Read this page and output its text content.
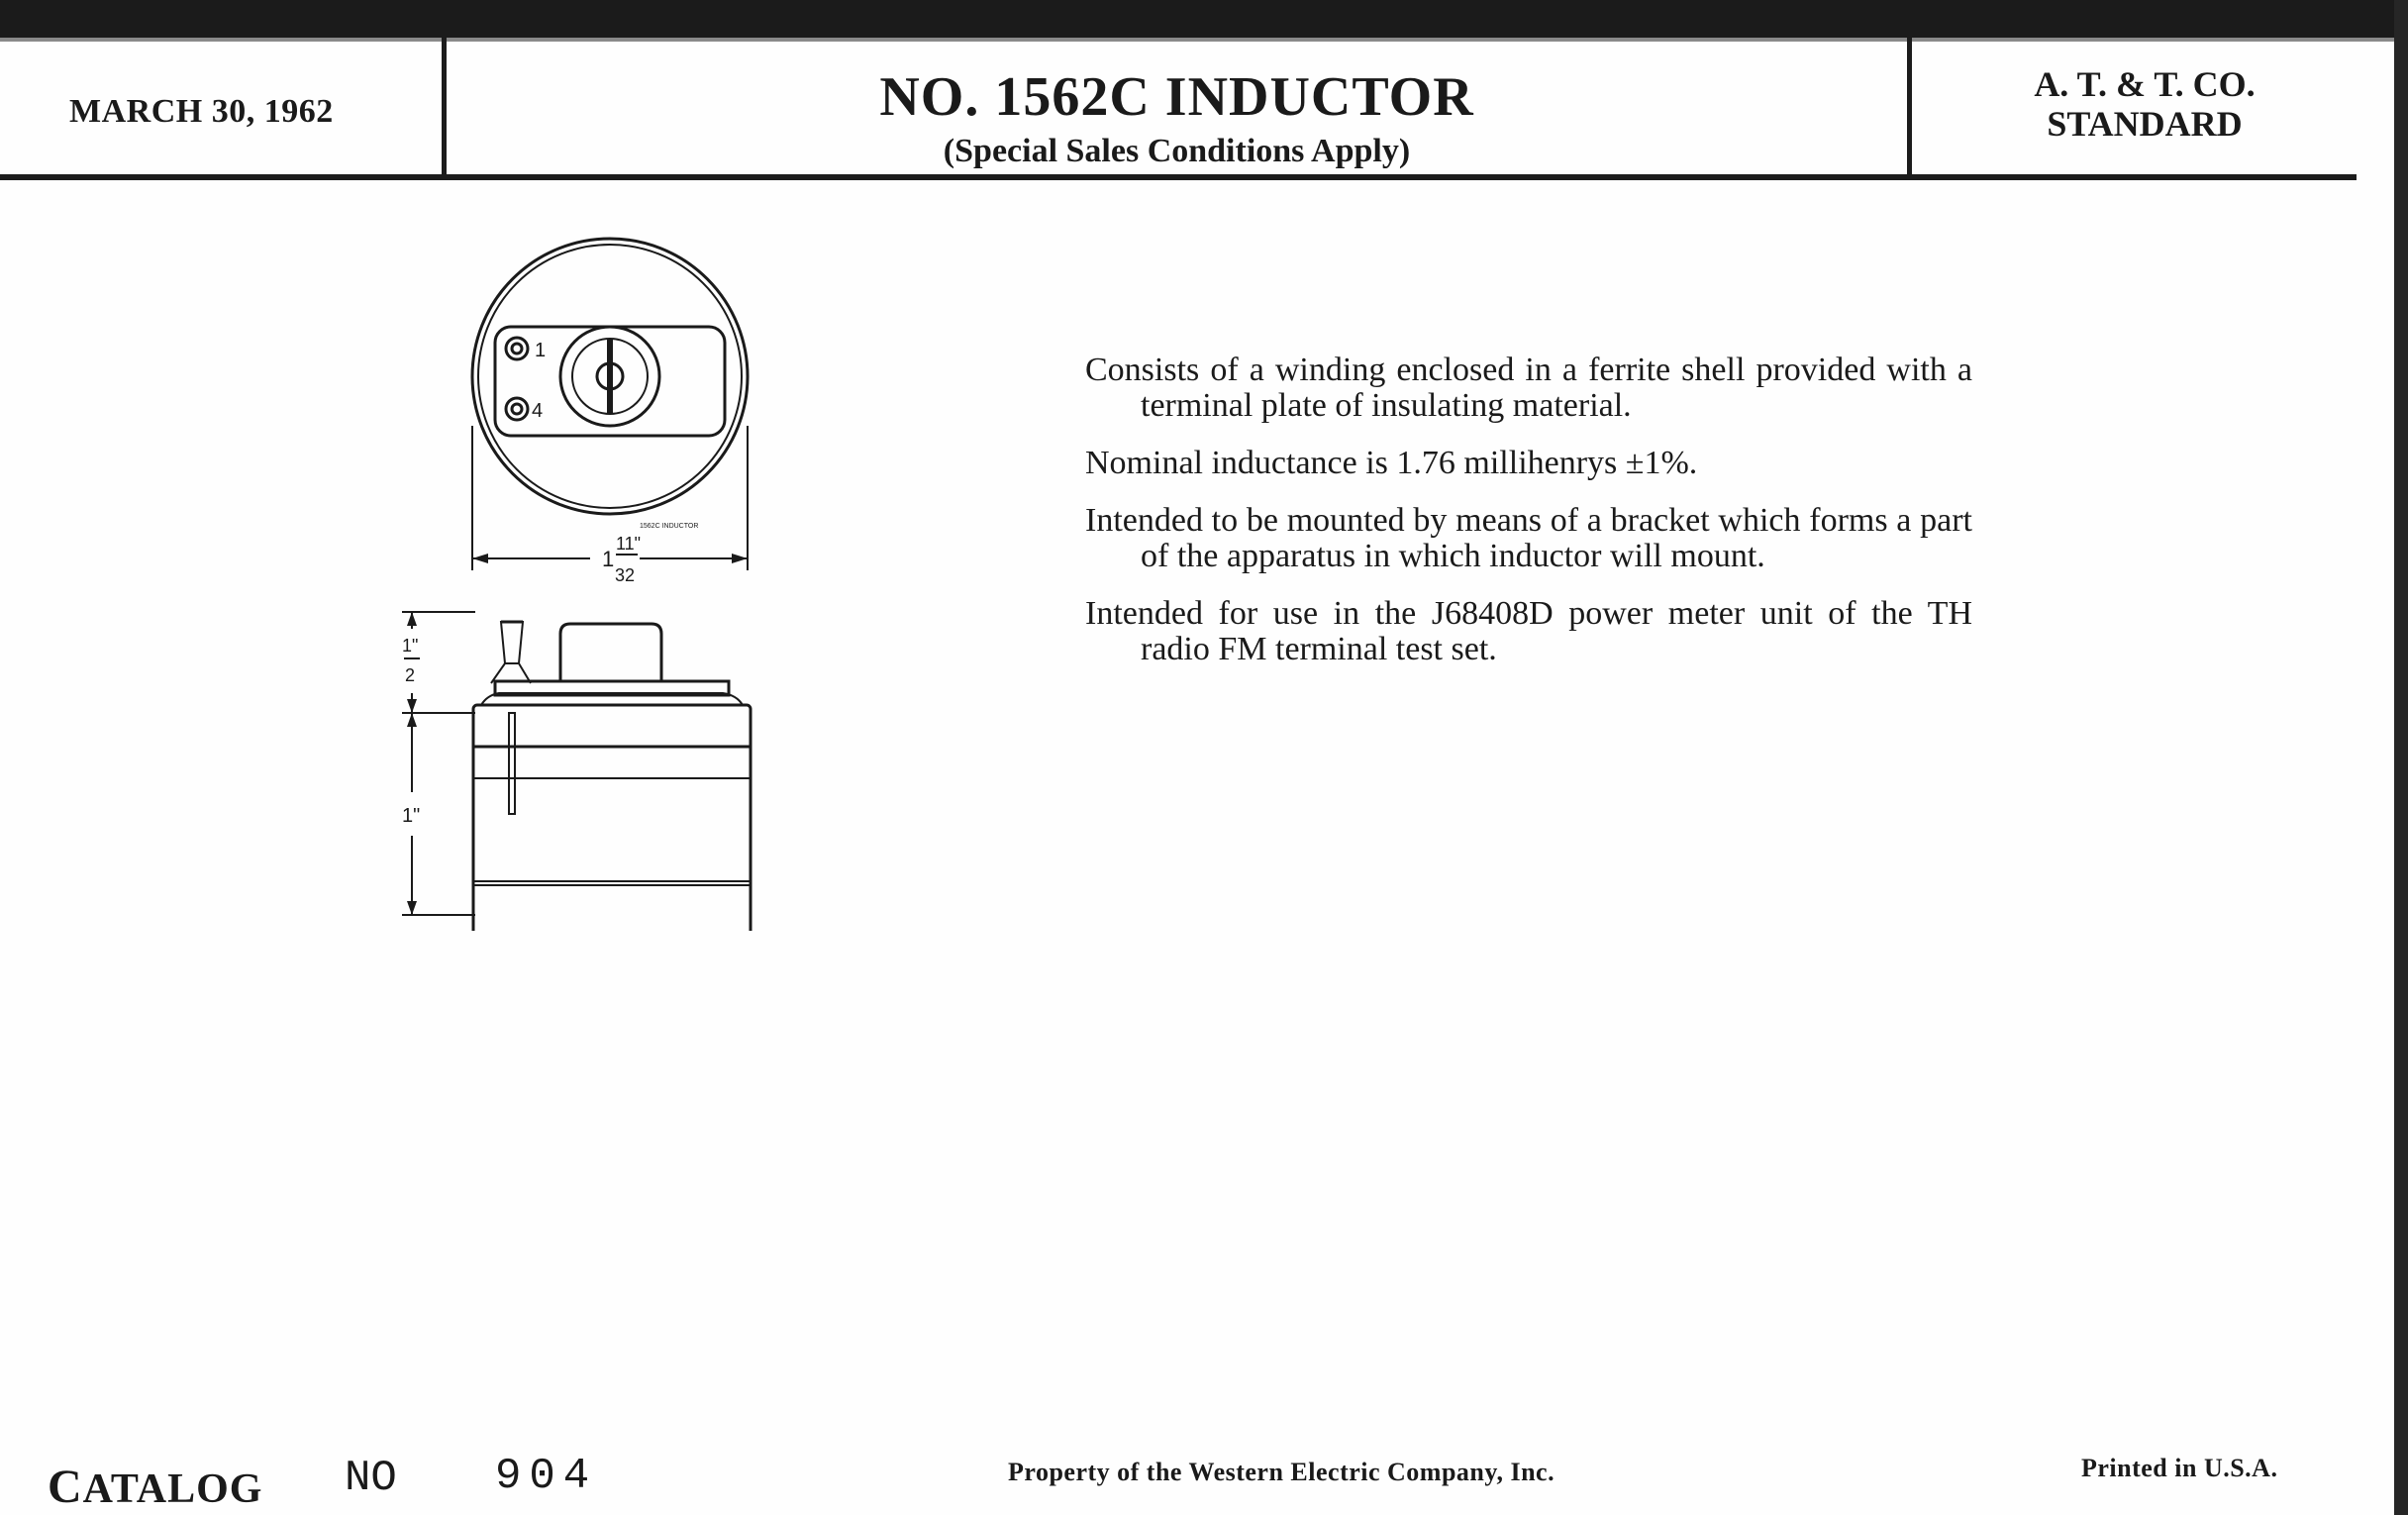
MARCH 30, 1962	NO. 1562C INDUCTOR
(Special Sales Conditions Apply)
A. T. & T. CO.
STANDARD
1
4
1562C INDUCTOR
1
11"
32
1"
2
1"

Consists of a winding enclosed in a ferrite shell provided with a terminal plate of insulating material.

Nominal inductance is 1.76 millihenrys ±1%.

Intended to be mounted by means of a bracket which forms a part of the apparatus in which inductor will mount.

Intended for use in the J68408D power meter unit of the TH radio FM terminal test set.

CATALOG NO 904	Property of the Western Electric Company, Inc.	Printed in U.S.A.
